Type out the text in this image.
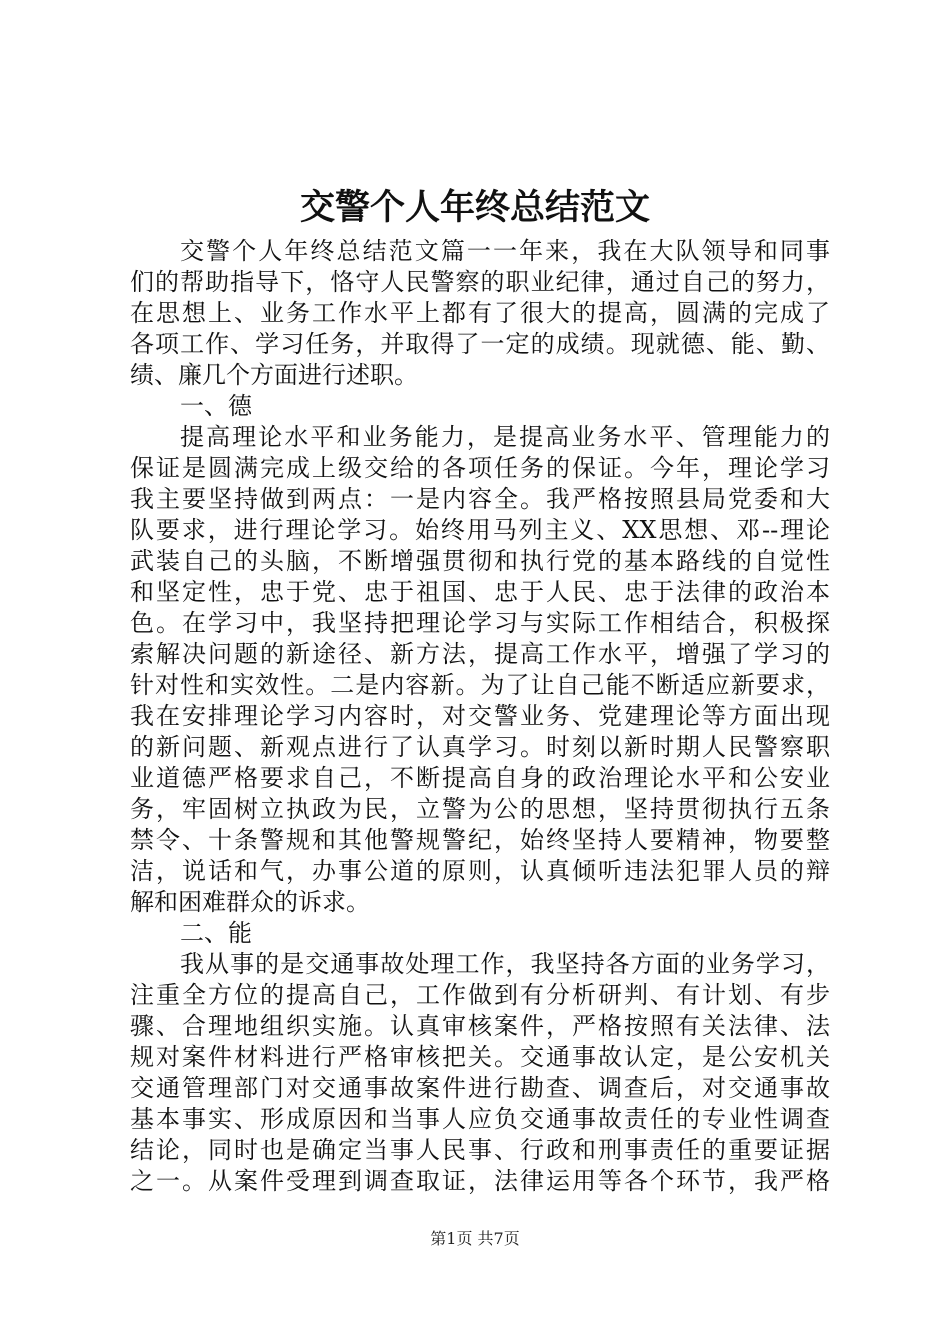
交警个人年终总结范文
交警个人年终总结范文篇一一年来，我在大队领导和同事
们的帮助指导下，恪守人民警察的职业纪律，通过自己的努力，
在思想上、业务工作水平上都有了很大的提高，圆满的完成了
各项工作、学习任务，并取得了一定的成绩。现就德、能、勤、
绩、廉几个方面进行述职。
一、德
提高理论水平和业务能力，是提高业务水平、管理能力的
保证是圆满完成上级交给的各项任务的保证。今年，理论学习
我主要坚持做到两点：一是内容全。我严格按照县局党委和大
队要求，进行理论学习。始终用马列主义、XX思想、邓--理论
武装自己的头脑，不断增强贯彻和执行党的基本路线的自觉性
和坚定性，忠于党、忠于祖国、忠于人民、忠于法律的政治本
色。在学习中，我坚持把理论学习与实际工作相结合，积极探
索解决问题的新途径、新方法，提高工作水平，增强了学习的
针对性和实效性。二是内容新。为了让自己能不断适应新要求，
我在安排理论学习内容时，对交警业务、党建理论等方面出现
的新问题、新观点进行了认真学习。时刻以新时期人民警察职
业道德严格要求自己，不断提高自身的政治理论水平和公安业
务，牢固树立执政为民，立警为公的思想，坚持贯彻执行五条
禁令、十条警规和其他警规警纪，始终坚持人要精神，物要整
洁，说话和气，办事公道的原则，认真倾听违法犯罪人员的辩
解和困难群众的诉求。
二、能
我从事的是交通事故处理工作，我坚持各方面的业务学习，
注重全方位的提高自己，工作做到有分析研判、有计划、有步
骤、合理地组织实施。认真审核案件，严格按照有关法律、法
规对案件材料进行严格审核把关。交通事故认定，是公安机关
交通管理部门对交通事故案件进行勘查、调查后，对交通事故
基本事实、形成原因和当事人应负交通事故责任的专业性调查
结论，同时也是确定当事人民事、行政和刑事责任的重要证据
之一。从案件受理到调查取证，法律运用等各个环节，我严格
第1页 共7页
